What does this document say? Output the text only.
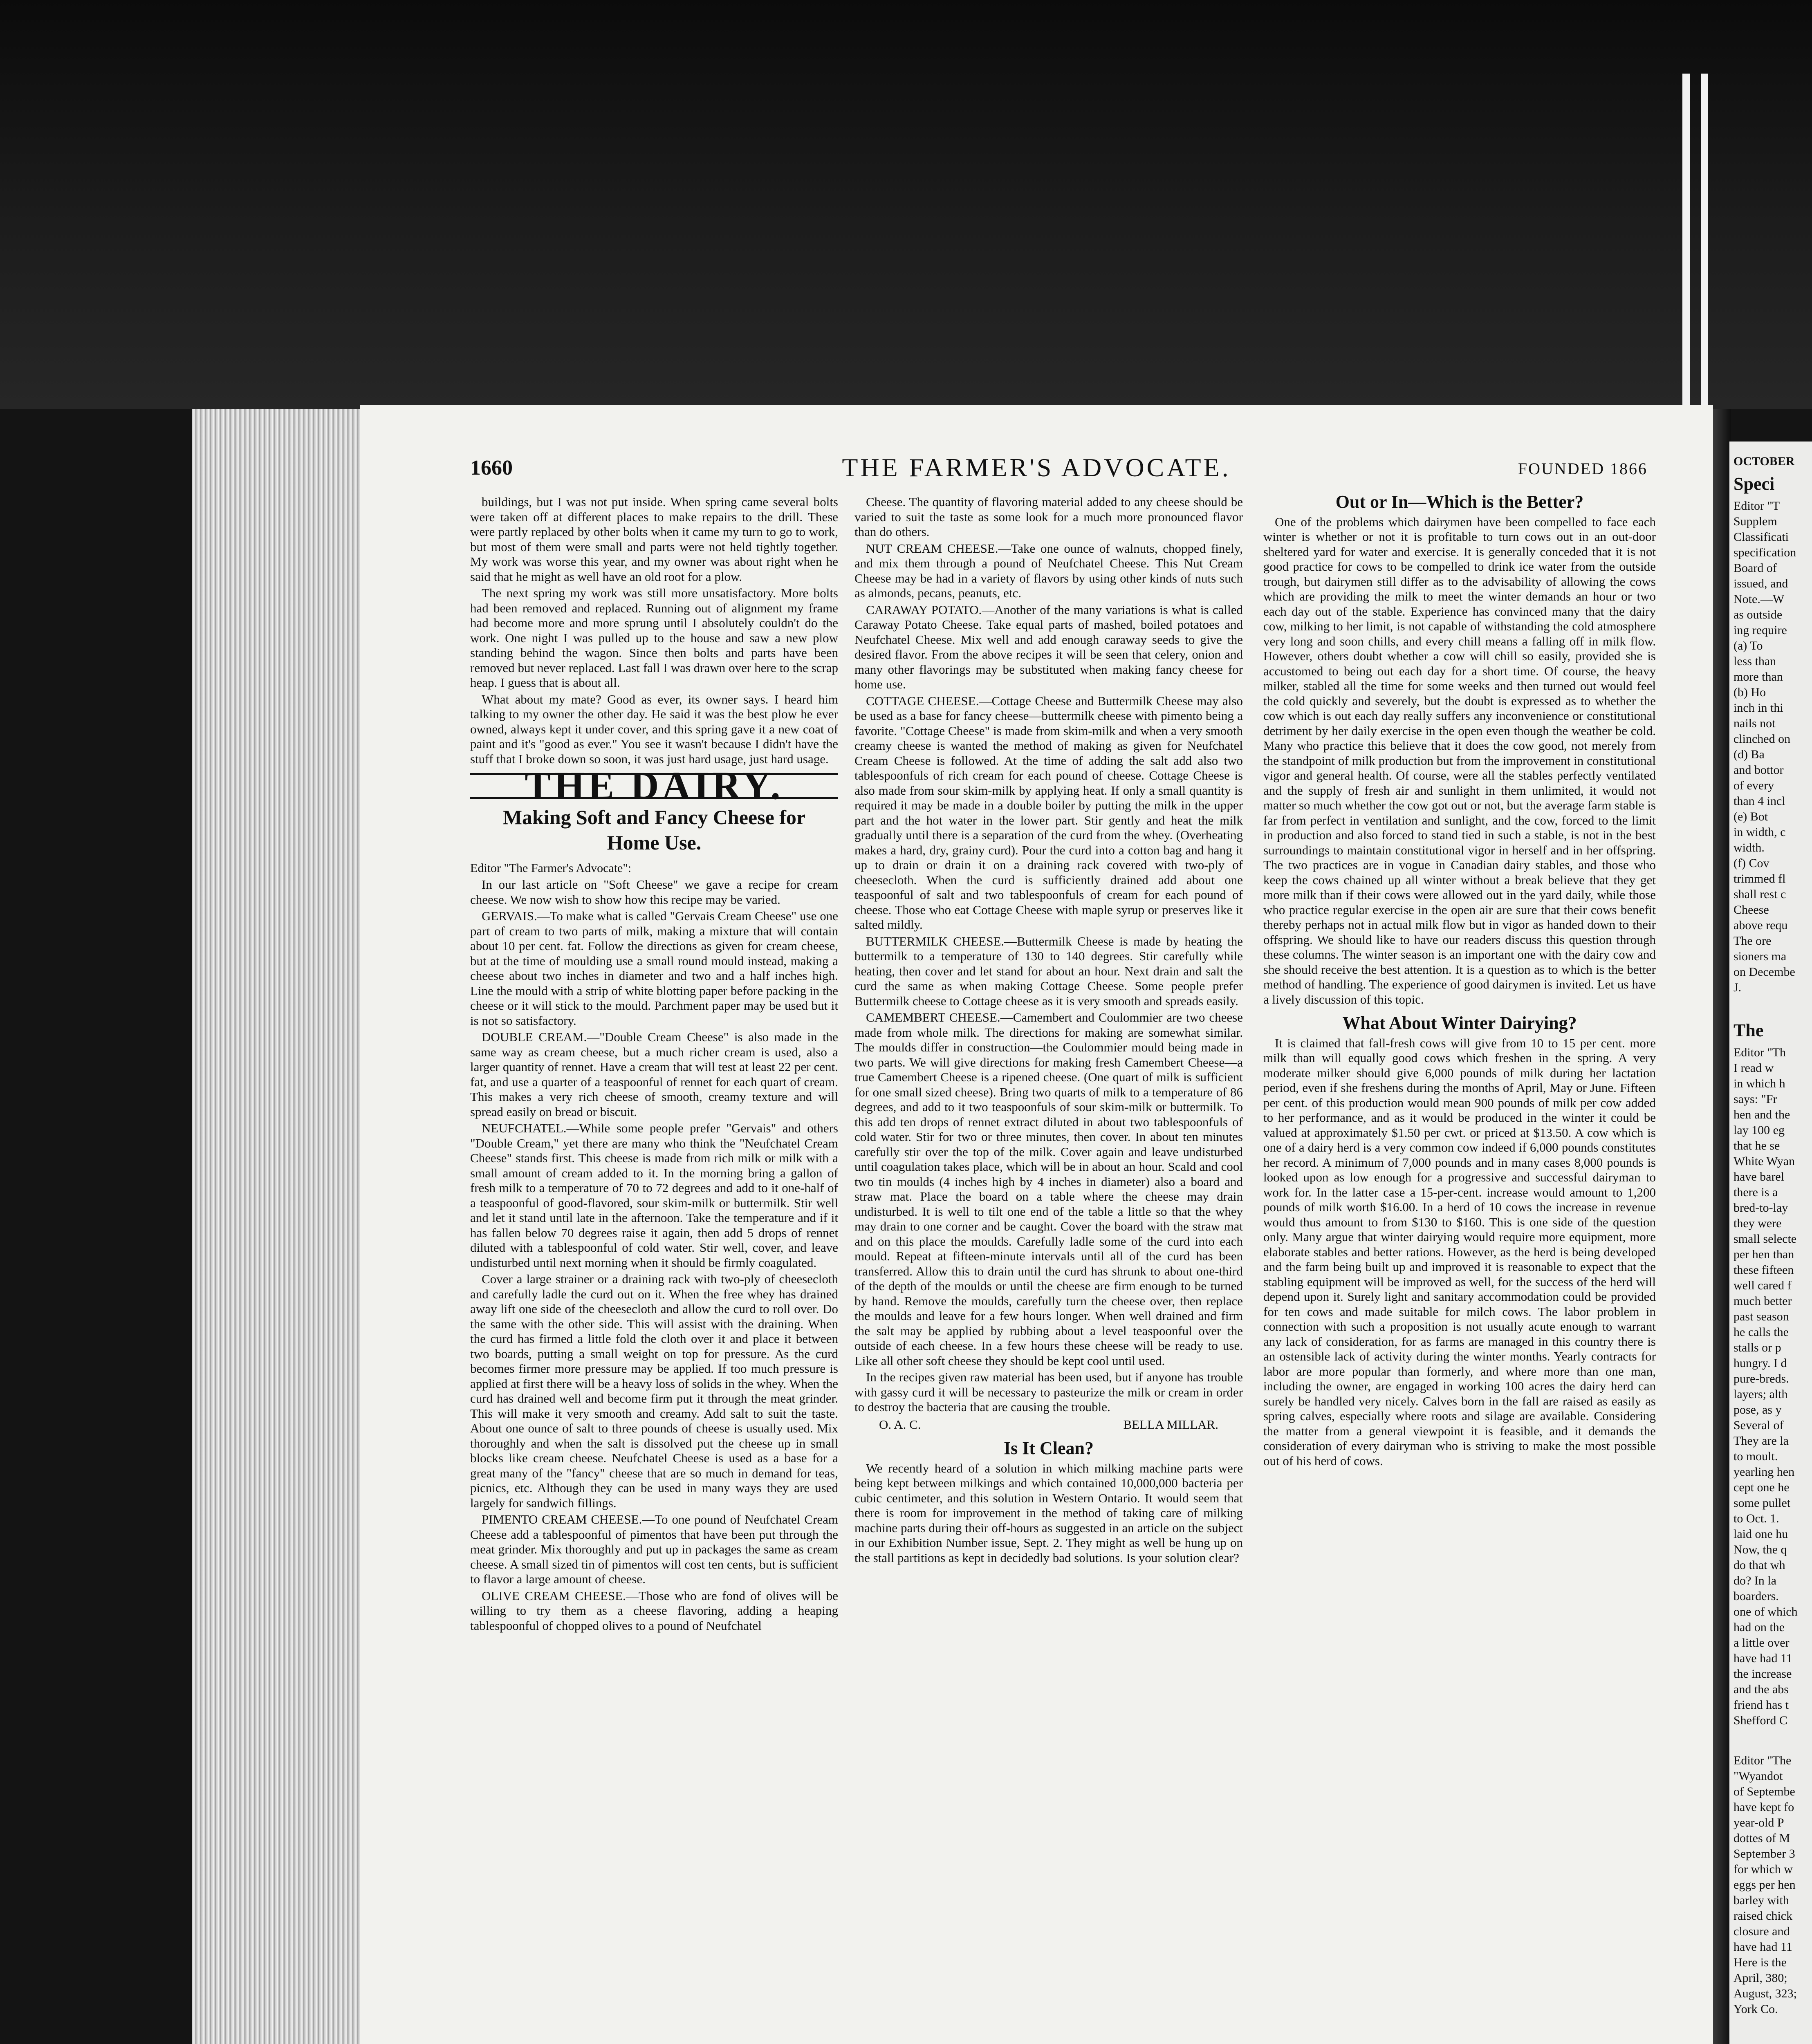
1660	THE FARMER'S ADVOCATE.	FOUNDED 1866

buildings, but I was not put inside. When spring came several bolts were taken off at different places to make repairs to the drill. These were partly replaced by other bolts when it came my turn to go to work, but most of them were small and parts were not held tightly together. My work was worse this year, and my owner was about right when he said that he might as well have an old root for a plow.

The next spring my work was still more unsatisfactory. More bolts had been removed and replaced. Running out of alignment my frame had become more and more sprung until I absolutely couldn't do the work. One night I was pulled up to the house and saw a new plow standing behind the wagon. Since then bolts and parts have been removed but never replaced. Last fall I was drawn over here to the scrap heap. I guess that is about all.

What about my mate? Good as ever, its owner says. I heard him talking to my owner the other day. He said it was the best plow he ever owned, always kept it under cover, and this spring gave it a new coat of paint and it's "good as ever." You see it wasn't because I didn't have the stuff that I broke down so soon, it was just hard usage, just hard usage.

THE DAIRY.
Making Soft and Fancy Cheese for Home Use.
Editor "The Farmer's Advocate":

In our last article on "Soft Cheese" we gave a recipe for cream cheese. We now wish to show how this recipe may be varied.

GERVAIS.—To make what is called "Gervais Cream Cheese" use one part of cream to two parts of milk, making a mixture that will contain about 10 per cent. fat. Follow the directions as given for cream cheese, but at the time of moulding use a small round mould instead, making a cheese about two inches in diameter and two and a half inches high. Line the mould with a strip of white blotting paper before packing in the cheese or it will stick to the mould. Parchment paper may be used but it is not so satisfactory.

DOUBLE CREAM.—"Double Cream Cheese" is also made in the same way as cream cheese, but a much richer cream is used, also a larger quantity of rennet. Have a cream that will test at least 22 per cent. fat, and use a quarter of a teaspoonful of rennet for each quart of cream. This makes a very rich cheese of smooth, creamy texture and will spread easily on bread or biscuit.

NEUFCHATEL.—While some people prefer "Gervais" and others "Double Cream," yet there are many who think the "Neufchatel Cream Cheese" stands first. This cheese is made from rich milk or milk with a small amount of cream added to it. In the morning bring a gallon of fresh milk to a temperature of 70 to 72 degrees and add to it one-half of a teaspoonful of good-flavored, sour skim-milk or buttermilk. Stir well and let it stand until late in the afternoon. Take the temperature and if it has fallen below 70 degrees raise it again, then add 5 drops of rennet diluted with a tablespoonful of cold water. Stir well, cover, and leave undisturbed until next morning when it should be firmly coagulated.

Cover a large strainer or a draining rack with two-ply of cheesecloth and carefully ladle the curd out on it. When the free whey has drained away lift one side of the cheesecloth and allow the curd to roll over. Do the same with the other side. This will assist with the draining. When the curd has firmed a little fold the cloth over it and place it between two boards, putting a small weight on top for pressure. As the curd becomes firmer more pressure may be applied. If too much pressure is applied at first there will be a heavy loss of solids in the whey. When the curd has drained well and become firm put it through the meat grinder. This will make it very smooth and creamy. Add salt to suit the taste. About one ounce of salt to three pounds of cheese is usually used. Mix thoroughly and when the salt is dissolved put the cheese up in small blocks like cream cheese. Neufchatel Cheese is used as a base for a great many of the "fancy" cheese that are so much in demand for teas, picnics, etc. Although they can be used in many ways they are used largely for sandwich fillings.

PIMENTO CREAM CHEESE.—To one pound of Neufchatel Cream Cheese add a tablespoonful of pimentos that have been put through the meat grinder. Mix thoroughly and put up in packages the same as cream cheese. A small sized tin of pimentos will cost ten cents, but is sufficient to flavor a large amount of cheese.

OLIVE CREAM CHEESE.—Those who are fond of olives will be willing to try them as a cheese flavoring, adding a heaping tablespoonful of chopped olives to a pound of Neufchatel

Cheese. The quantity of flavoring material added to any cheese should be varied to suit the taste as some look for a much more pronounced flavor than do others.

NUT CREAM CHEESE.—Take one ounce of walnuts, chopped finely, and mix them through a pound of Neufchatel Cheese. This Nut Cream Cheese may be had in a variety of flavors by using other kinds of nuts such as almonds, pecans, peanuts, etc.

CARAWAY POTATO.—Another of the many variations is what is called Caraway Potato Cheese. Take equal parts of mashed, boiled potatoes and Neufchatel Cheese. Mix well and add enough caraway seeds to give the desired flavor. From the above recipes it will be seen that celery, onion and many other flavorings may be substituted when making fancy cheese for home use.

COTTAGE CHEESE.—Cottage Cheese and Buttermilk Cheese may also be used as a base for fancy cheese—buttermilk cheese with pimento being a favorite. "Cottage Cheese" is made from skim-milk and when a very smooth creamy cheese is wanted the method of making as given for Neufchatel Cream Cheese is followed. At the time of adding the salt add also two tablespoonfuls of rich cream for each pound of cheese. Cottage Cheese is also made from sour skim-milk by applying heat. If only a small quantity is required it may be made in a double boiler by putting the milk in the upper part and the hot water in the lower part. Stir gently and heat the milk gradually until there is a separation of the curd from the whey. (Overheating makes a hard, dry, grainy curd). Pour the curd into a cotton bag and hang it up to drain or drain it on a draining rack covered with two-ply of cheesecloth. When the curd is sufficiently drained add about one teaspoonful of salt and two tablespoonfuls of cream for each pound of cheese. Those who eat Cottage Cheese with maple syrup or preserves like it salted mildly.

BUTTERMILK CHEESE.—Buttermilk Cheese is made by heating the buttermilk to a temperature of 130 to 140 degrees. Stir carefully while heating, then cover and let stand for about an hour. Next drain and salt the curd the same as when making Cottage Cheese. Some people prefer Buttermilk cheese to Cottage cheese as it is very smooth and spreads easily.

CAMEMBERT CHEESE.—Camembert and Coulommier are two cheese made from whole milk. The directions for making are somewhat similar. The moulds differ in construction—the Coulommier mould being made in two parts. We will give directions for making fresh Camembert Cheese—a true Camembert Cheese is a ripened cheese. (One quart of milk is sufficient for one small sized cheese). Bring two quarts of milk to a temperature of 86 degrees, and add to it two teaspoonfuls of sour skim-milk or buttermilk. To this add ten drops of rennet extract diluted in about two tablespoonfuls of cold water. Stir for two or three minutes, then cover. In about ten minutes carefully stir over the top of the milk. Cover again and leave undisturbed until coagulation takes place, which will be in about an hour. Scald and cool two tin moulds (4 inches high by 4 inches in diameter) also a board and straw mat. Place the board on a table where the cheese may drain undisturbed. It is well to tilt one end of the table a little so that the whey may drain to one corner and be caught. Cover the board with the straw mat and on this place the moulds. Carefully ladle some of the curd into each mould. Repeat at fifteen-minute intervals until all of the curd has been transferred. Allow this to drain until the curd has shrunk to about one-third of the depth of the moulds or until the cheese are firm enough to be turned by hand. Remove the moulds, carefully turn the cheese over, then replace the moulds and leave for a few hours longer. When well drained and firm the salt may be applied by rubbing about a level teaspoonful over the outside of each cheese. In a few hours these cheese will be ready to use. Like all other soft cheese they should be kept cool until used.

In the recipes given raw material has been used, but if anyone has trouble with gassy curd it will be necessary to pasteurize the milk or cream in order to destroy the bacteria that are causing the trouble.

O. A. C.	BELLA MILLAR.
Is It Clean?

We recently heard of a solution in which milking machine parts were being kept between milkings and which contained 10,000,000 bacteria per cubic centimeter, and this solution in Western Ontario. It would seem that there is room for improvement in the method of taking care of milking machine parts during their off-hours as suggested in an article on the subject in our Exhibition Number issue, Sept. 2. They might as well be hung up on the stall partitions as kept in decidedly bad solutions. Is your solution clear?

Out or In—Which is the Better?

One of the problems which dairymen have been compelled to face each winter is whether or not it is profitable to turn cows out in an out-door sheltered yard for water and exercise. It is generally conceded that it is not good practice for cows to be compelled to drink ice water from the outside trough, but dairymen still differ as to the advisability of allowing the cows which are providing the milk to meet the winter demands an hour or two each day out of the stable. Experience has convinced many that the dairy cow, milking to her limit, is not capable of withstanding the cold atmosphere very long and soon chills, and every chill means a falling off in milk flow. However, others doubt whether a cow will chill so easily, provided she is accustomed to being out each day for a short time. Of course, the heavy milker, stabled all the time for some weeks and then turned out would feel the cold quickly and severely, but the doubt is expressed as to whether the cow which is out each day really suffers any inconvenience or constitutional detriment by her daily exercise in the open even though the weather be cold. Many who practice this believe that it does the cow good, not merely from the standpoint of milk production but from the improvement in constitutional vigor and general health. Of course, were all the stables perfectly ventilated and the supply of fresh air and sunlight in them unlimited, it would not matter so much whether the cow got out or not, but the average farm stable is far from perfect in ventilation and sunlight, and the cow, forced to the limit in production and also forced to stand tied in such a stable, is not in the best surroundings to maintain constitutional vigor in herself and in her offspring. The two practices are in vogue in Canadian dairy stables, and those who keep the cows chained up all winter without a break believe that they get more milk than if their cows were allowed out in the yard daily, while those who practice regular exercise in the open air are sure that their cows benefit thereby perhaps not in actual milk flow but in vigor as handed down to their offspring. We should like to have our readers discuss this question through these columns. The winter season is an important one with the dairy cow and she should receive the best attention. It is a question as to which is the better method of handling. The experience of good dairymen is invited. Let us have a lively discussion of this topic.

What About Winter Dairying?

It is claimed that fall-fresh cows will give from 10 to 15 per cent. more milk than will equally good cows which freshen in the spring. A very moderate milker should give 6,000 pounds of milk during her lactation period, even if she freshens during the months of April, May or June. Fifteen per cent. of this production would mean 900 pounds of milk per cow added to her performance, and as it would be produced in the winter it could be valued at approximately $1.50 per cwt. or priced at $13.50. A cow which is one of a dairy herd is a very common cow indeed if 6,000 pounds constitutes her record. A minimum of 7,000 pounds and in many cases 8,000 pounds is looked upon as low enough for a progressive and successful dairyman to work for. In the latter case a 15-per-cent. increase would amount to 1,200 pounds of milk worth $16.00. In a herd of 10 cows the increase in revenue would thus amount to from $130 to $160. This is one side of the question only. Many argue that winter dairying would require more equipment, more elaborate stables and better rations. However, as the herd is being developed and the farm being built up and improved it is reasonable to expect that the stabling equipment will be improved as well, for the success of the herd will depend upon it. Surely light and sanitary accommodation could be provided for ten cows and made suitable for milch cows. The labor problem in connection with such a proposition is not usually acute enough to warrant any lack of consideration, for as farms are managed in this country there is an ostensible lack of activity during the winter months. Yearly contracts for labor are more popular than formerly, and where more than one man, including the owner, are engaged in working 100 acres the dairy herd can surely be handled very nicely. Calves born in the fall are raised as easily as spring calves, especially where roots and silage are available. Considering the matter from a general viewpoint it is feasible, and it demands the consideration of every dairyman who is striving to make the most possible out of his herd of cows.

OCTOBER
Speci
Editor "T
Supplem
Classificati
specification
Board of
issued, and
Note.—W
as outside
ing require
(a) To
less than
more than
(b) Ho
inch in thi
nails not
clinched on
(d) Ba
and bottor
of every
than 4 incl
(e) Bot
in width, c
width.
(f) Cov
trimmed fl
shall rest c
Cheese
above requ
The ore
sioners ma
on Decembe
J.
The
Editor "Th
I read w
in which h
says: "Fr
hen and the
lay 100 eg
that he se
White Wyan
have barel
there is a
bred-to-lay
they were
small selecte
per hen than
these fifteen
well cared f
much better
past season
he calls the
stalls or p
hungry. I d
pure-breds.
layers; alth
pose, as y
Several of
They are la
to moult.
yearling hen
cept one he
some pullet
to Oct. 1.
laid one hu
Now, the q
do that wh
do? In la
boarders.
one of which
had on the
a little over
have had 11
the increase
and the abs
friend has t
Shefford C
Editor "The
"Wyandot
of Septembe
have kept fo
year-old P
dottes of M
September 3
for which w
eggs per hen
barley with
raised chick
closure and
have had 11
Here is the
April, 380;
August, 323;
York Co.
